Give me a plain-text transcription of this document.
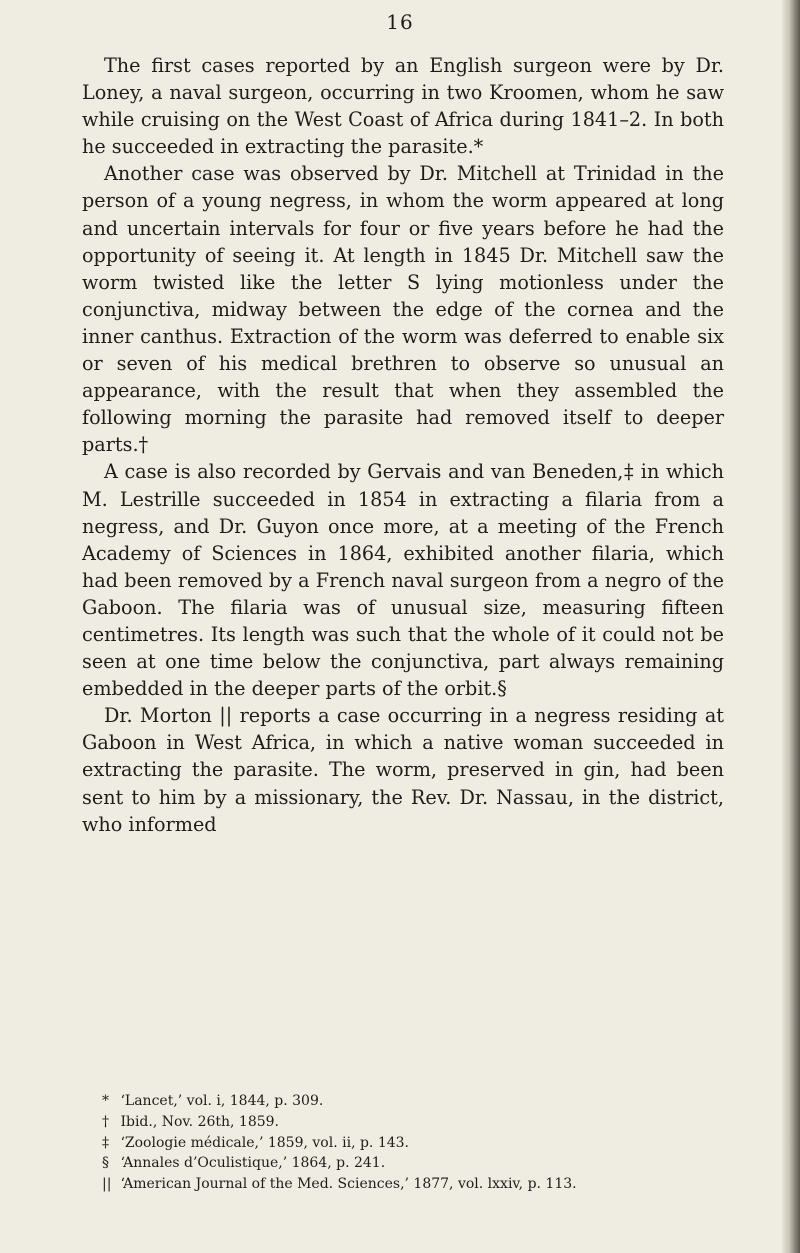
16

The first cases reported by an English surgeon were by Dr. Loney, a naval surgeon, occurring in two Kroomen, whom he saw while cruising on the West Coast of Africa during 1841–2. In both he succeeded in extracting the parasite.*

Another case was observed by Dr. Mitchell at Trinidad in the person of a young negress, in whom the worm appeared at long and uncertain intervals for four or five years before he had the opportunity of seeing it. At length in 1845 Dr. Mitchell saw the worm twisted like the letter S lying motionless under the conjunctiva, midway between the edge of the cornea and the inner canthus. Extraction of the worm was deferred to enable six or seven of his medical brethren to observe so unusual an appearance, with the result that when they assembled the following morning the parasite had removed itself to deeper parts.†

A case is also recorded by Gervais and van Beneden,‡ in which M. Lestrille succeeded in 1854 in extracting a filaria from a negress, and Dr. Guyon once more, at a meeting of the French Academy of Sciences in 1864, exhibited another filaria, which had been removed by a French naval surgeon from a negro of the Gaboon. The filaria was of unusual size, measuring fifteen centimetres. Its length was such that the whole of it could not be seen at one time below the conjunctiva, part always remaining embedded in the deeper parts of the orbit.§

Dr. Morton || reports a case occurring in a negress residing at Gaboon in West Africa, in which a native woman succeeded in extracting the parasite. The worm, preserved in gin, had been sent to him by a missionary, the Rev. Dr. Nassau, in the district, who informed

* ‘Lancet,’ vol. i, 1844, p. 309.
† Ibid., Nov. 26th, 1859.
‡ ‘Zoologie médicale,’ 1859, vol. ii, p. 143.
§ ‘Annales d’Oculistique,’ 1864, p. 241.
|| ‘American Journal of the Med. Sciences,’ 1877, vol. lxxiv, p. 113.
